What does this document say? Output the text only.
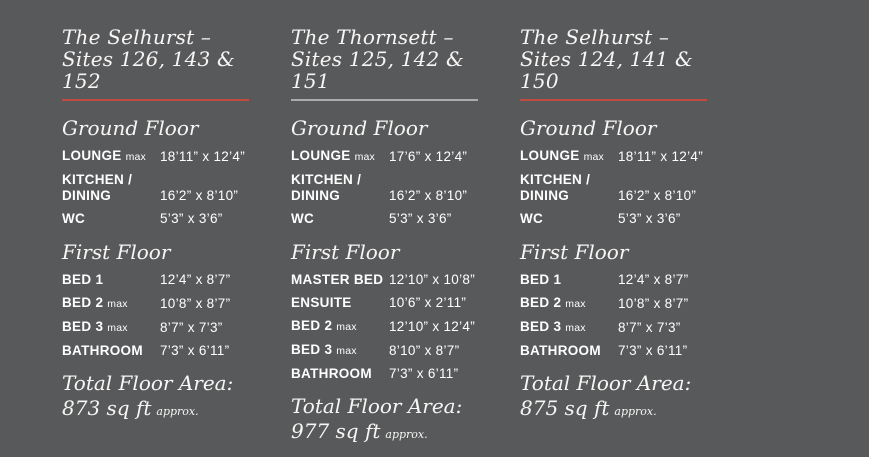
The Selhurst –
Sites 126, 143 & 152
Ground Floor
LOUNGE max	18’11” x 12’4”
KITCHEN / DINING	16’2” x 8’10”
WC	5’3” x 3’6”
First Floor
BED 1	12’4” x 8’7”
BED 2 max	10’8” x 8’7”
BED 3 max	8’7” x 7’3”
BATHROOM	7’3” x 6’11”
Total Floor Area:
873 sq ft approx.
The Thornsett –
Sites 125, 142 & 151
Ground Floor
LOUNGE max	17’6” x 12’4”
KITCHEN / DINING	16’2” x 8’10”
WC	5’3” x 3’6”
First Floor
MASTER BED 12’10” x 10’8”
ENSUITE	10’6” x 2’11”
BED 2 max	12’10” x 12’4”
BED 3 max	8’10” x 8’7”
BATHROOM	7’3” x 6’11”
Total Floor Area:
977 sq ft approx.
The Selhurst –
Sites 124, 141 & 150
Ground Floor
LOUNGE max	18’11” x 12’4”
KITCHEN / DINING	16’2” x 8’10”
WC	5’3” x 3’6”
First Floor
BED 1	12’4” x 8’7”
BED 2 max	10’8” x 8’7”
BED 3 max	8’7” x 7’3”
BATHROOM	7’3” x 6’11”
Total Floor Area:
875 sq ft approx.
